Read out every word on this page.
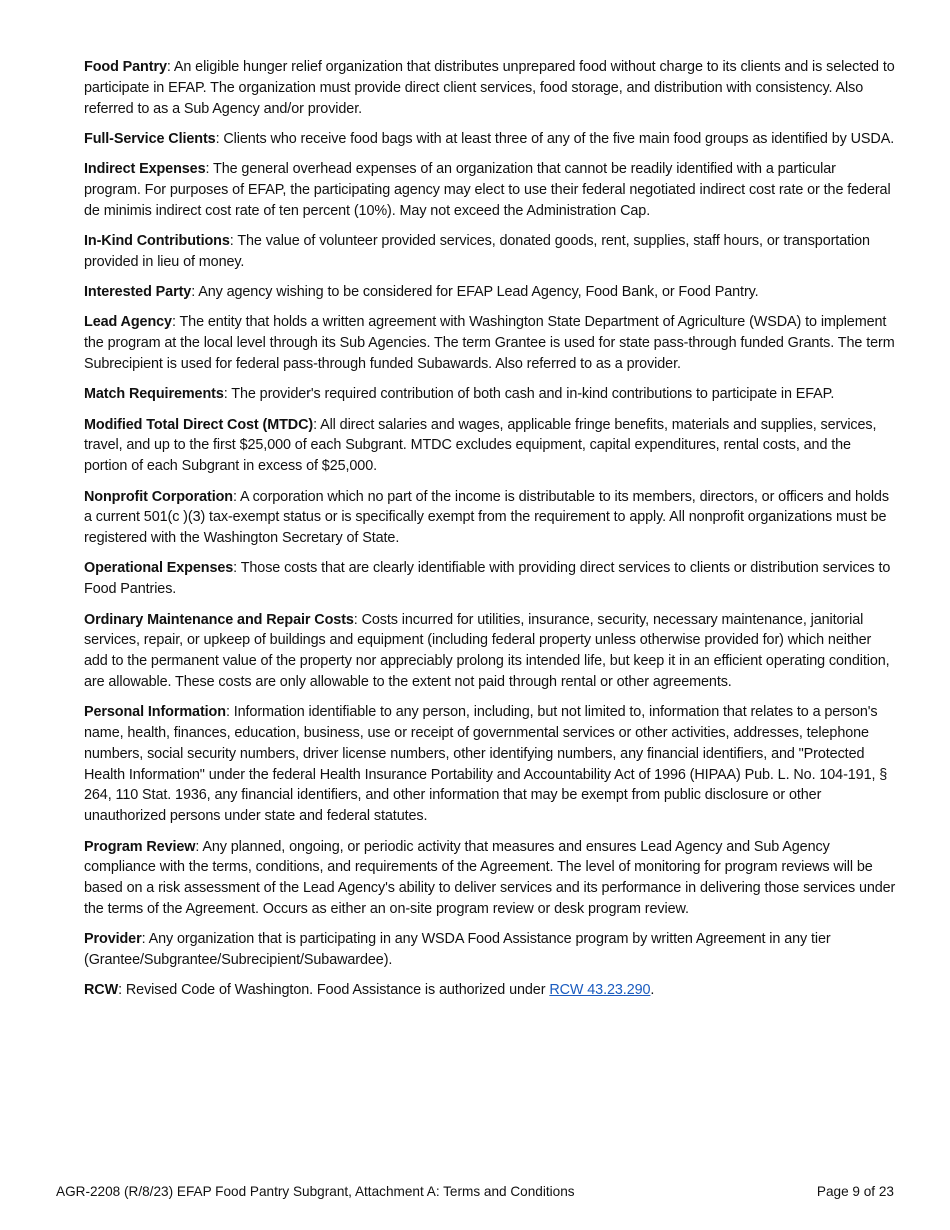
Food Pantry: An eligible hunger relief organization that distributes unprepared food without charge to its clients and is selected to participate in EFAP. The organization must provide direct client services, food storage, and distribution with consistency. Also referred to as a Sub Agency and/or provider.

Full-Service Clients: Clients who receive food bags with at least three of any of the five main food groups as identified by USDA.

Indirect Expenses: The general overhead expenses of an organization that cannot be readily identified with a particular program. For purposes of EFAP, the participating agency may elect to use their federal negotiated indirect cost rate or the federal de minimis indirect cost rate of ten percent (10%). May not exceed the Administration Cap.

In-Kind Contributions: The value of volunteer provided services, donated goods, rent, supplies, staff hours, or transportation provided in lieu of money.

Interested Party: Any agency wishing to be considered for EFAP Lead Agency, Food Bank, or Food Pantry.

Lead Agency: The entity that holds a written agreement with Washington State Department of Agriculture (WSDA) to implement the program at the local level through its Sub Agencies. The term Grantee is used for state pass-through funded Grants. The term Subrecipient is used for federal pass-through funded Subawards. Also referred to as a provider.

Match Requirements: The provider's required contribution of both cash and in-kind contributions to participate in EFAP.

Modified Total Direct Cost (MTDC): All direct salaries and wages, applicable fringe benefits, materials and supplies, services, travel, and up to the first $25,000 of each Subgrant. MTDC excludes equipment, capital expenditures, rental costs, and the portion of each Subgrant in excess of $25,000.

Nonprofit Corporation: A corporation which no part of the income is distributable to its members, directors, or officers and holds a current 501(c )(3) tax-exempt status or is specifically exempt from the requirement to apply. All nonprofit organizations must be registered with the Washington Secretary of State.

Operational Expenses: Those costs that are clearly identifiable with providing direct services to clients or distribution services to Food Pantries.

Ordinary Maintenance and Repair Costs: Costs incurred for utilities, insurance, security, necessary maintenance, janitorial services, repair, or upkeep of buildings and equipment (including federal property unless otherwise provided for) which neither add to the permanent value of the property nor appreciably prolong its intended life, but keep it in an efficient operating condition, are allowable. These costs are only allowable to the extent not paid through rental or other agreements.

Personal Information: Information identifiable to any person, including, but not limited to, information that relates to a person's name, health, finances, education, business, use or receipt of governmental services or other activities, addresses, telephone numbers, social security numbers, driver license numbers, other identifying numbers, any financial identifiers, and "Protected Health Information" under the federal Health Insurance Portability and Accountability Act of 1996 (HIPAA) Pub. L. No. 104-191, § 264, 110 Stat. 1936, any financial identifiers, and other information that may be exempt from public disclosure or other unauthorized persons under state and federal statutes.

Program Review: Any planned, ongoing, or periodic activity that measures and ensures Lead Agency and Sub Agency compliance with the terms, conditions, and requirements of the Agreement. The level of monitoring for program reviews will be based on a risk assessment of the Lead Agency's ability to deliver services and its performance in delivering those services under the terms of the Agreement. Occurs as either an on-site program review or desk program review.

Provider: Any organization that is participating in any WSDA Food Assistance program by written Agreement in any tier (Grantee/Subgrantee/Subrecipient/Subawardee).

RCW: Revised Code of Washington. Food Assistance is authorized under RCW 43.23.290.

AGR-2208 (R/8/23) EFAP Food Pantry Subgrant, Attachment A: Terms and Conditions	Page 9 of 23
